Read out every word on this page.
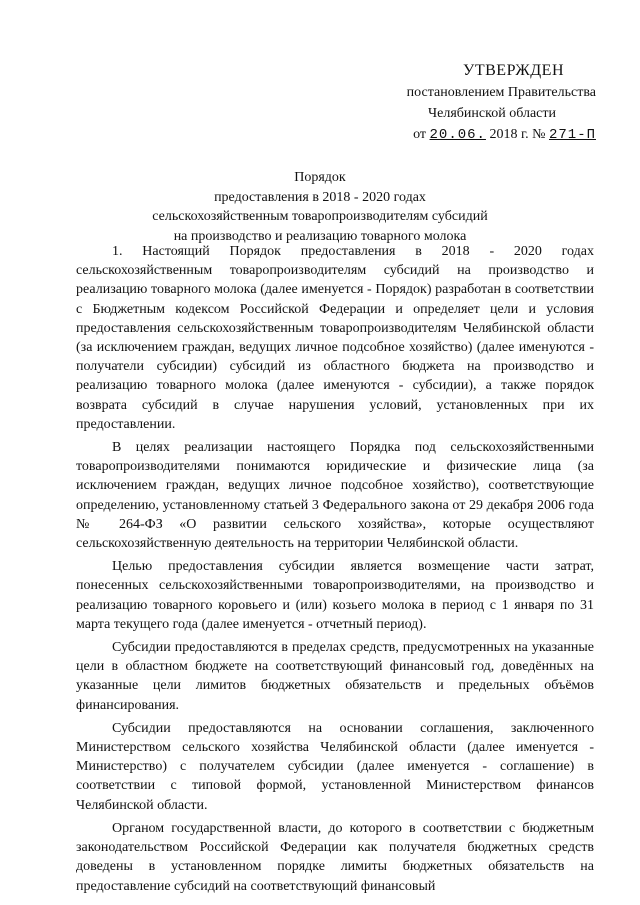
УТВЕРЖДЕН
постановлением Правительства
Челябинской области
от 20.06. 2018 г. № 271-П
Порядок
предоставления в 2018 - 2020 годах
сельскохозяйственным товаропроизводителям субсидий
на производство и реализацию товарного молока

1. Настоящий Порядок предоставления в 2018 - 2020 годах сельскохозяйственным товаропроизводителям субсидий на производство и реализацию товарного молока (далее именуется - Порядок) разработан в соответствии с Бюджетным кодексом Российской Федерации и определяет цели и условия предоставления сельскохозяйственным товаропроизводителям Челябинской области (за исключением граждан, ведущих личное подсобное хозяйство) (далее именуются - получатели субсидии) субсидий из областного бюджета на производство и реализацию товарного молока (далее именуются - субсидии), а также порядок возврата субсидий в случае нарушения условий, установленных при их предоставлении.

В целях реализации настоящего Порядка под сельскохозяйственными товаропроизводителями понимаются юридические и физические лица (за исключением граждан, ведущих личное подсобное хозяйство), соответствующие определению, установленному статьей 3 Федерального закона от 29 декабря 2006 года № 264-ФЗ «О развитии сельского хозяйства», которые осуществляют сельскохозяйственную деятельность на территории Челябинской области.

Целью предоставления субсидии является возмещение части затрат, понесенных сельскохозяйственными товаропроизводителями, на производство и реализацию товарного коровьего и (или) козьего молока в период с 1 января по 31 марта текущего года (далее именуется - отчетный период).

Субсидии предоставляются в пределах средств, предусмотренных на указанные цели в областном бюджете на соответствующий финансовый год, доведённых на указанные цели лимитов бюджетных обязательств и предельных объёмов финансирования.

Субсидии предоставляются на основании соглашения, заключенного Министерством сельского хозяйства Челябинской области (далее именуется - Министерство) с получателем субсидии (далее именуется - соглашение) в соответствии с типовой формой, установленной Министерством финансов Челябинской области.

Органом государственной власти, до которого в соответствии с бюджетным законодательством Российской Федерации как получателя бюджетных средств доведены в установленном порядке лимиты бюджетных обязательств на предоставление субсидий на соответствующий финансовый
